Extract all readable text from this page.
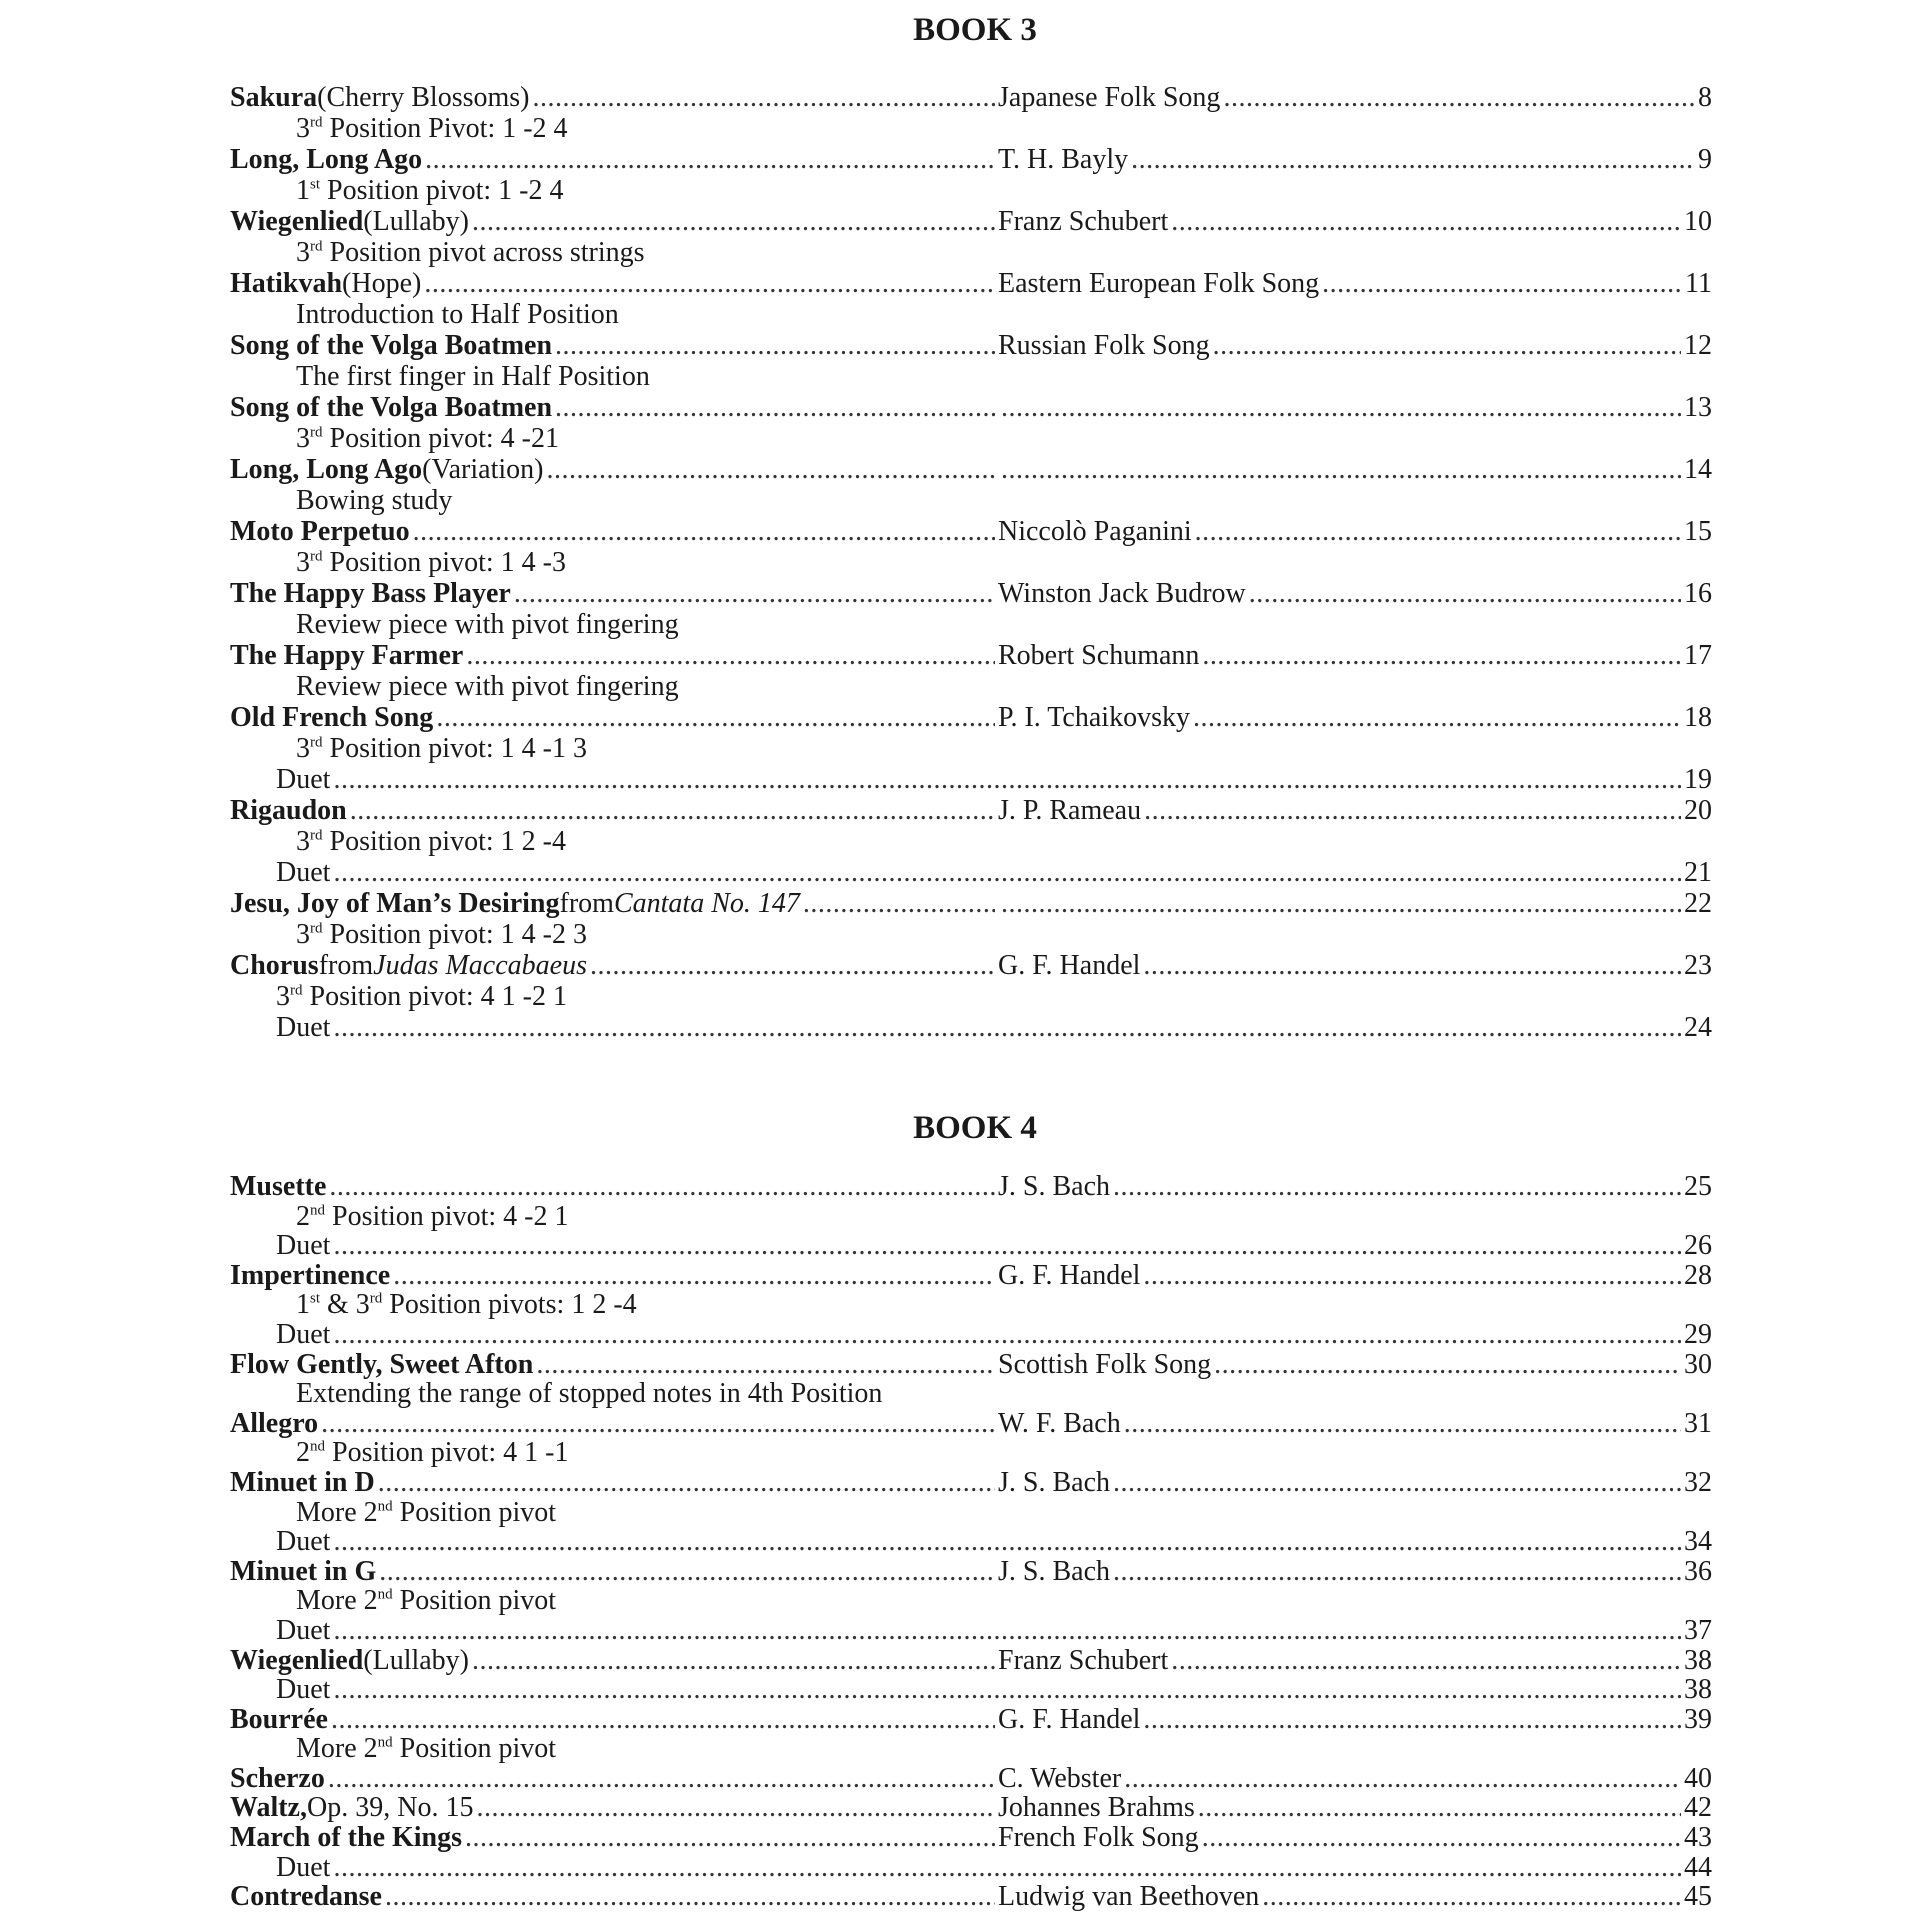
BOOK 3
Sakura (Cherry Blossoms) .....	Japanese Folk Song .....	8
3rd Position Pivot: 1 -2 4
Long, Long Ago .....	T. H. Bayly .....	9
1st Position pivot: 1 -2 4
Wiegenlied (Lullaby) .....	Franz Schubert .....	10
3rd Position pivot across strings
Hatikvah (Hope) .....	Eastern European Folk Song .....	11
Introduction to Half Position
Song of the Volga Boatmen .....	Russian Folk Song .....	12
The first finger in Half Position
Song of the Volga Boatmen ..... .....	13
3rd Position pivot: 4 -21
Long, Long Ago (Variation) ..... .....	14
Bowing study
Moto Perpetuo .....	Niccolò Paganini .....	15
3rd Position pivot: 1 4 -3
The Happy Bass Player .....	Winston Jack Budrow .....	16
Review piece with pivot fingering
The Happy Farmer .....	Robert Schumann .....	17
Review piece with pivot fingering
Old French Song .....	P. I. Tchaikovsky .....	18
3rd Position pivot: 1 4 -1 3
Duet .....	19
Rigaudon .....	J. P. Rameau .....	20
3rd Position pivot: 1 2 -4
Duet .....	21
Jesu, Joy of Man’s Desiring from Cantata No. 147 ..... .....	22
3rd Position pivot: 1 4 -2 3
Chorus from Judas Maccabaeus .....	G. F. Handel .....	23
3rd Position pivot: 4 1 -2 1
Duet .....	24
BOOK 4
Musette .....	J. S. Bach .....	25
2nd Position pivot: 4 -2 1
Duet .....	26
Impertinence .....	G. F. Handel .....	28
1st & 3rd Position pivots: 1 2 -4
Duet .....	29
Flow Gently, Sweet Afton .....	Scottish Folk Song .....	30
Extending the range of stopped notes in 4th Position
Allegro .....	W. F. Bach .....	31
2nd Position pivot: 4 1 -1
Minuet in D .....	J. S. Bach .....	32
More 2nd Position pivot
Duet .....	34
Minuet in G .....	J. S. Bach .....	36
More 2nd Position pivot
Duet .....	37
Wiegenlied (Lullaby) .....	Franz Schubert .....	38
Duet .....	38
Bourrée .....	G. F. Handel .....	39
More 2nd Position pivot
Scherzo .....	C. Webster .....	40
Waltz, Op. 39, No. 15 .....	Johannes Brahms .....	42
March of the Kings .....	French Folk Song .....	43
Duet .....	44
Contredanse .....	Ludwig van Beethoven .....	45
